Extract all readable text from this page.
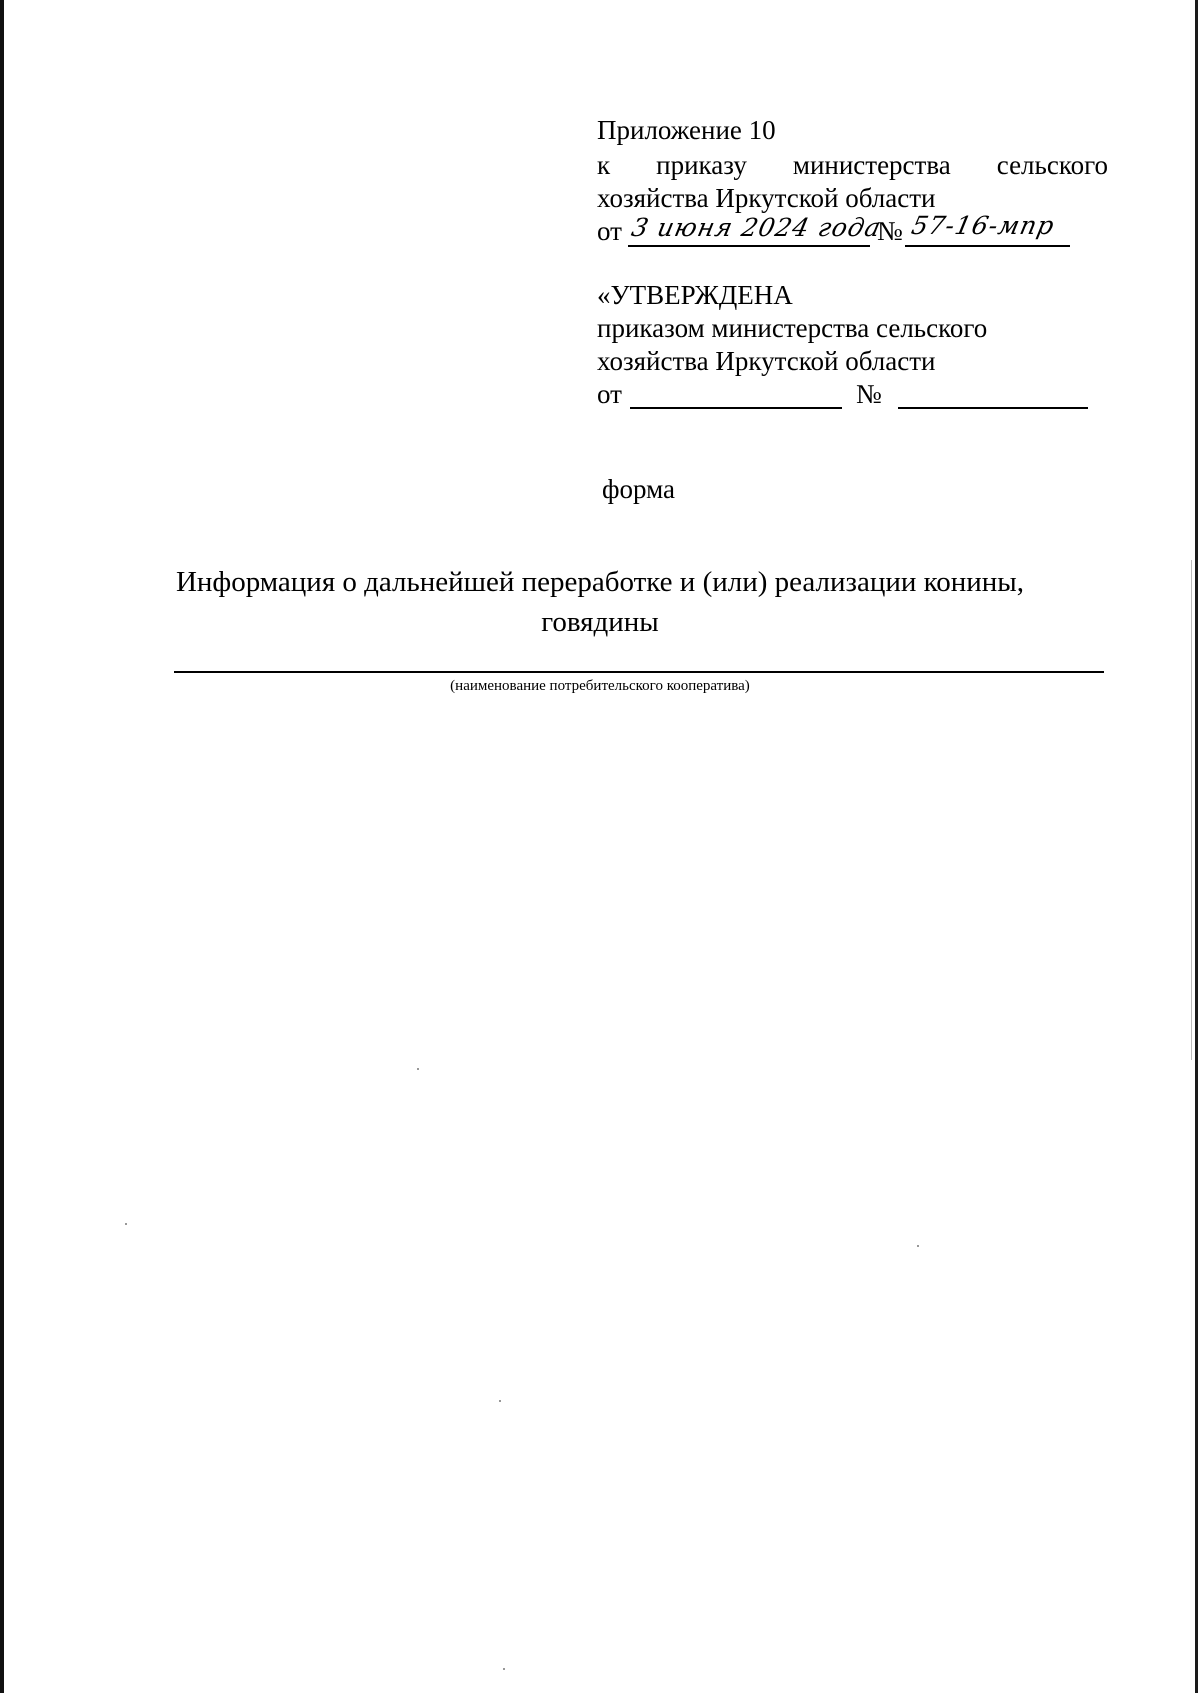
Приложение 10
к приказу министерства сельского
хозяйства Иркутской области
от 3 июня 2024 года
№ 57-16-мпр
«УТВЕРЖДЕНА
приказом министерства сельского
хозяйства Иркутской области
от	№
форма
Информация о дальнейшей переработке и (или) реализации конины,
говядины
(наименование потребительского кооператива)
